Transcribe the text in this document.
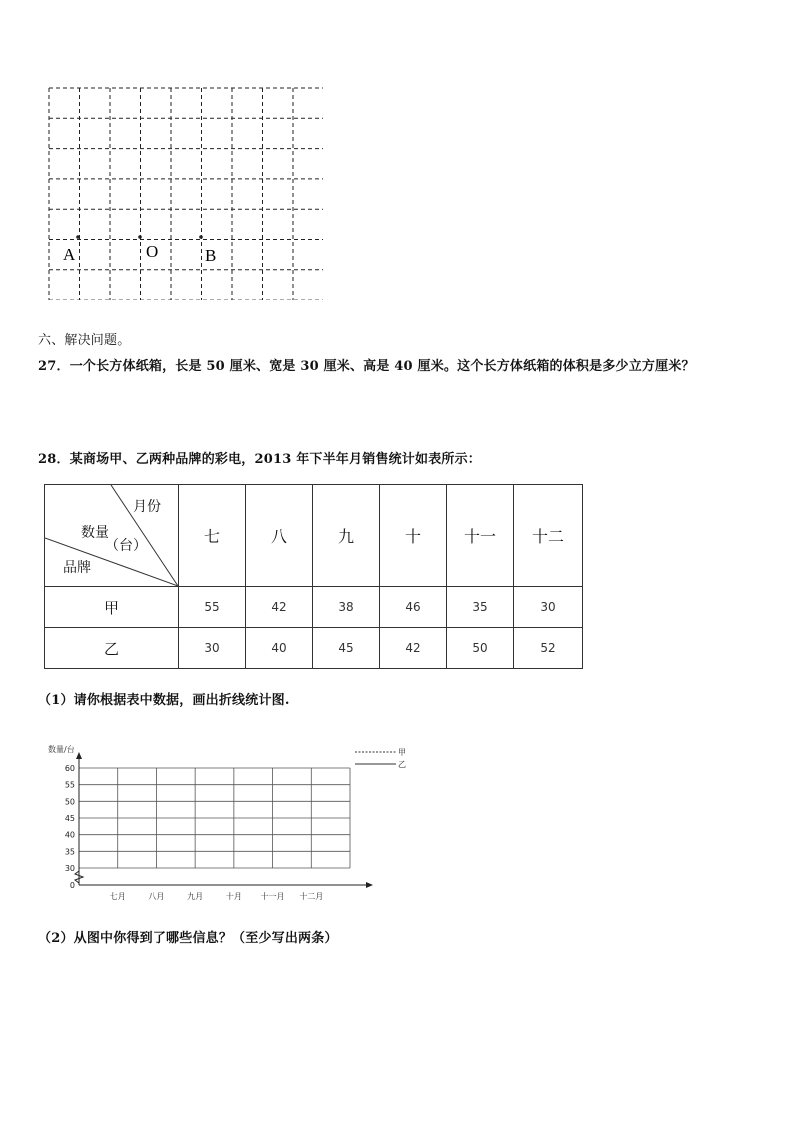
A	O	B
六、解决问题。
27．一个长方体纸箱，长是 50 厘米、宽是 30 厘米、高是 40 厘米。这个长方体纸箱的体积是多少立方厘米？
28．某商场甲、乙两种品牌的彩电，2013 年下半年月销售统计如表所示：
月份
数量
（台）
品牌	七	八	九	十	十一	十二
甲	55	42	38	46	35	30
乙	30	40	45	42	50	52
（1）请你根据表中数据，画出折线统计图.
数量/台
0
30
35
40
45
50
55
60
七月	八月	九月	十月 十一月 十二月
甲
乙
（2）从图中你得到了哪些信息？（至少写出两条）
